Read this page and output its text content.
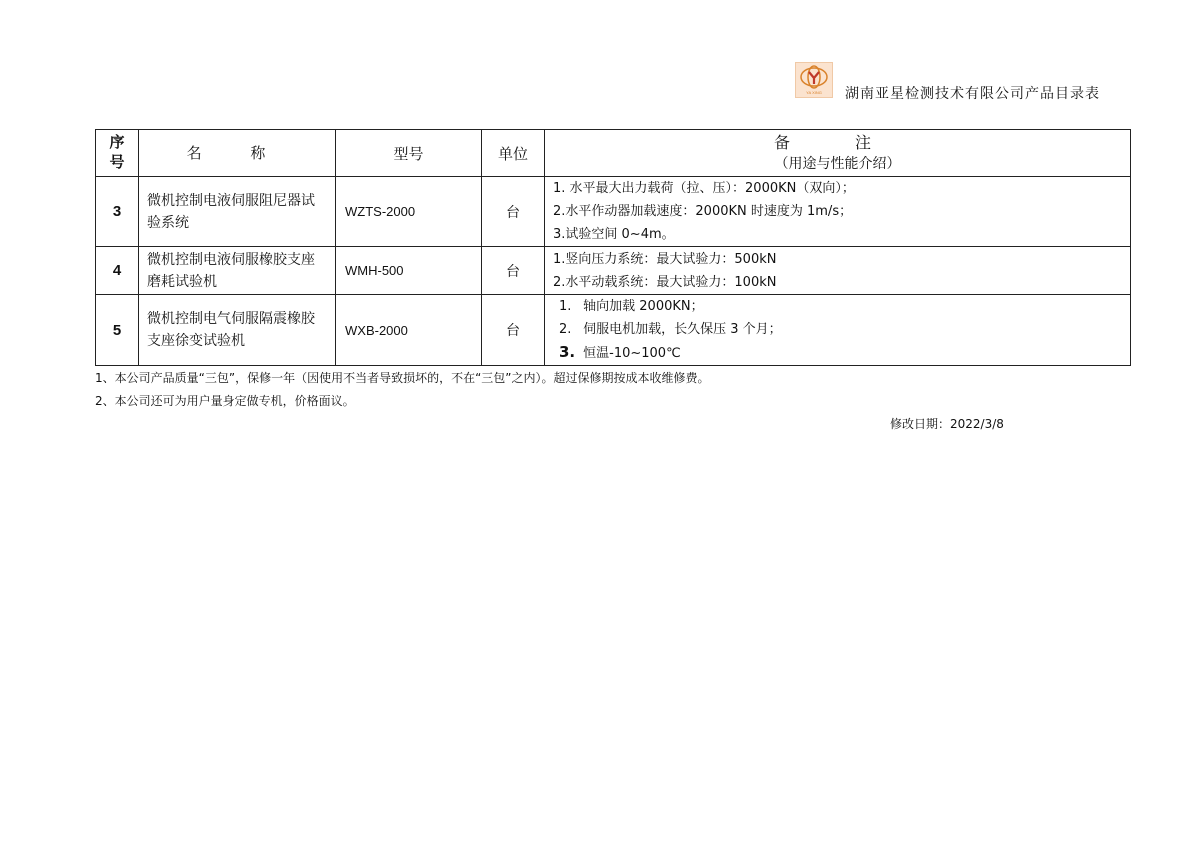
YA XING 湖南亚星检测技术有限公司产品目录表
序
号	名 称	型号	单位	备 注
（用途与性能介绍）
3	微机控制电液伺服阻尼器试验系统	WZTS-2000	台	1. 水平最大出力载荷（拉、压）：2000KN（双向）；
2.水平作动器加载速度：2000KN 时速度为 1m/s；
3.试验空间 0~4m。

4	微机控制电液伺服橡胶支座磨耗试验机	WMH-500	台	1.竖向压力系统：最大试验力：500kN
2.水平动载系统：最大试验力：100kN

5	微机控制电气伺服隔震橡胶支座徐变试验机	WXB-2000	台	1. 轴向加载 2000KN；
2. 伺服电机加载，长久保压 3 个月；
3. 恒温-10~100℃
1、本公司产品质量“三包”，保修一年（因使用不当者导致损坏的，不在“三包”之内）。超过保修期按成本收维修费。
2、本公司还可为用户量身定做专机，价格面议。
修改日期：2022/3/8
